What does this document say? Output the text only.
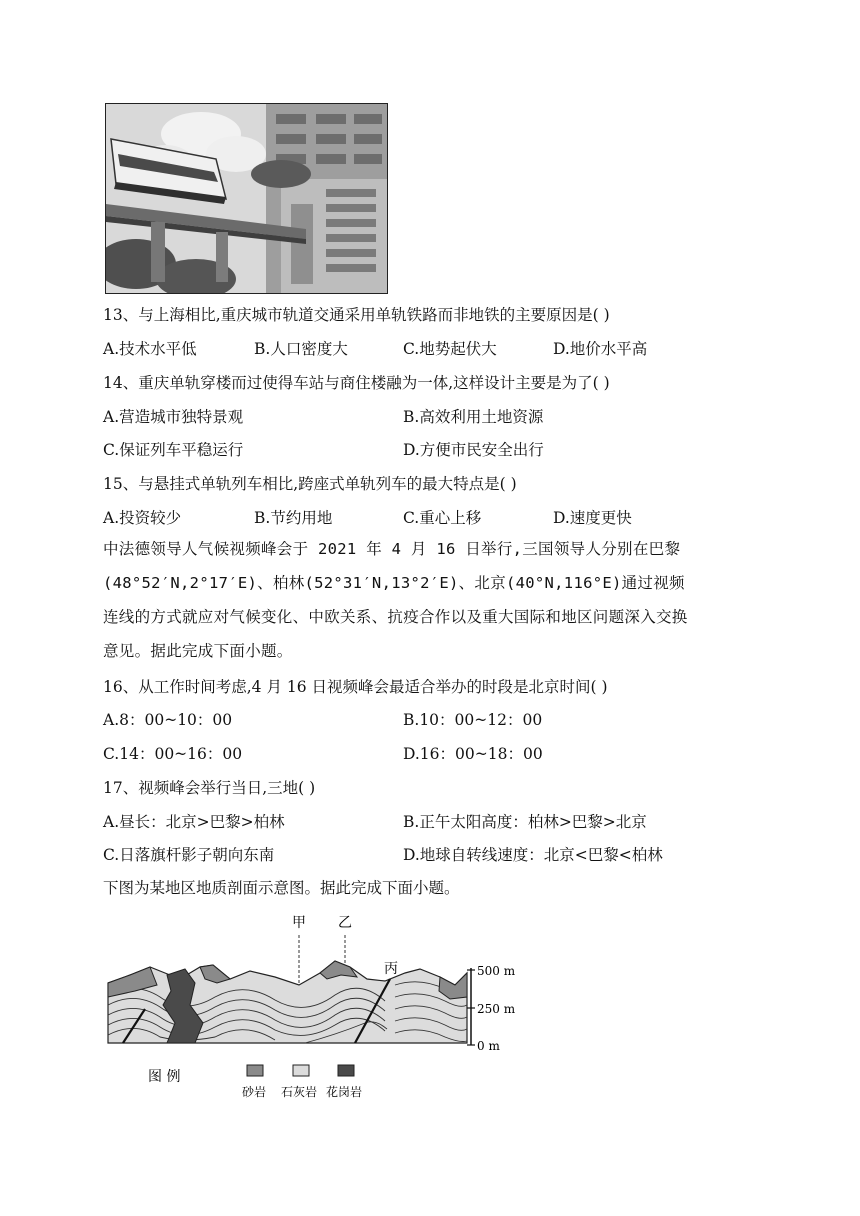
13、与上海相比,重庆城市轨道交通采用单轨铁路而非地铁的主要原因是( )
A.技术水平低	B.人口密度大	C.地势起伏大	D.地价水平高
14、重庆单轨穿楼而过使得车站与商住楼融为一体,这样设计主要是为了( )
A.营造城市独特景观	B.高效利用土地资源
C.保证列车平稳运行	D.方便市民安全出行
15、与悬挂式单轨列车相比,跨座式单轨列车的最大特点是( )
A.投资较少	B.节约用地	C.重心上移	D.速度更快
中法德领导人气候视频峰会于 2021 年 4 月 16 日举行,三国领导人分别在巴黎
(48°52′N,2°17′E)、柏林(52°31′N,13°2′E)、北京(40°N,116°E)通过视频
连线的方式就应对气候变化、中欧关系、抗疫合作以及重大国际和地区问题深入交换
意见。据此完成下面小题。
16、从工作时间考虑,4 月 16 日视频峰会最适合举办的时段是北京时间( )
A.8：00~10：00	B.10：00~12：00
C.14：00~16：00	D.16：00~18：00
17、视频峰会举行当日,三地( )
A.昼长：北京>巴黎>柏林	B.正午太阳高度：柏林>巴黎>北京
C.日落旗杆影子朝向东南	D.地球自转线速度：北京<巴黎<柏林
下图为某地区地质剖面示意图。据此完成下面小题。
甲 乙
丙	500 m
250 m
0 m
图 例
砂岩 石灰岩 花岗岩
